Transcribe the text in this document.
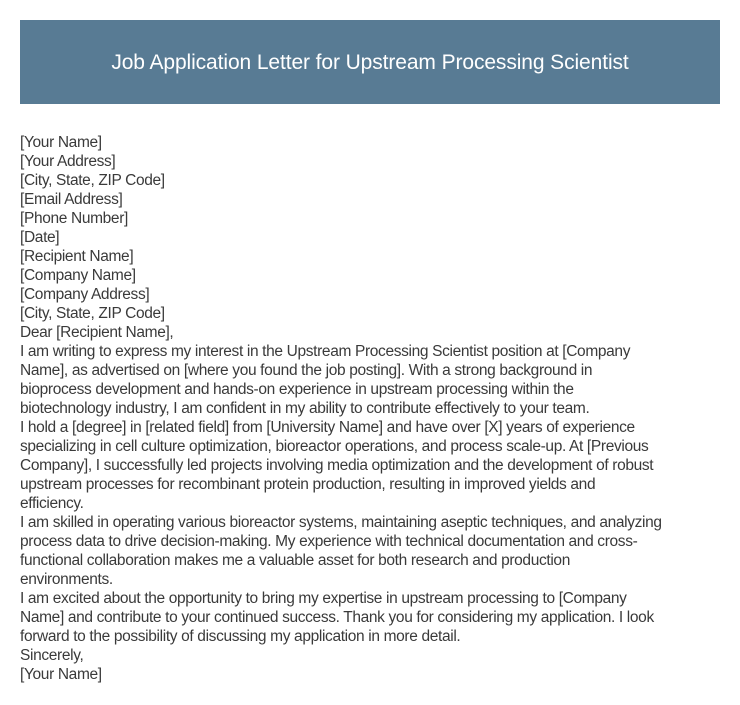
Job Application Letter for Upstream Processing Scientist
[Your Name]
[Your Address]
[City, State, ZIP Code]
[Email Address]
[Phone Number]
[Date]
[Recipient Name]
[Company Name]
[Company Address]
[City, State, ZIP Code]
Dear [Recipient Name],
I am writing to express my interest in the Upstream Processing Scientist position at [Company
Name], as advertised on [where you found the job posting]. With a strong background in
bioprocess development and hands-on experience in upstream processing within the
biotechnology industry, I am confident in my ability to contribute effectively to your team.
I hold a [degree] in [related field] from [University Name] and have over [X] years of experience
specializing in cell culture optimization, bioreactor operations, and process scale-up. At [Previous
Company], I successfully led projects involving media optimization and the development of robust
upstream processes for recombinant protein production, resulting in improved yields and
efficiency.
I am skilled in operating various bioreactor systems, maintaining aseptic techniques, and analyzing
process data to drive decision-making. My experience with technical documentation and cross-
functional collaboration makes me a valuable asset for both research and production
environments.
I am excited about the opportunity to bring my expertise in upstream processing to [Company
Name] and contribute to your continued success. Thank you for considering my application. I look
forward to the possibility of discussing my application in more detail.
Sincerely,
[Your Name]
